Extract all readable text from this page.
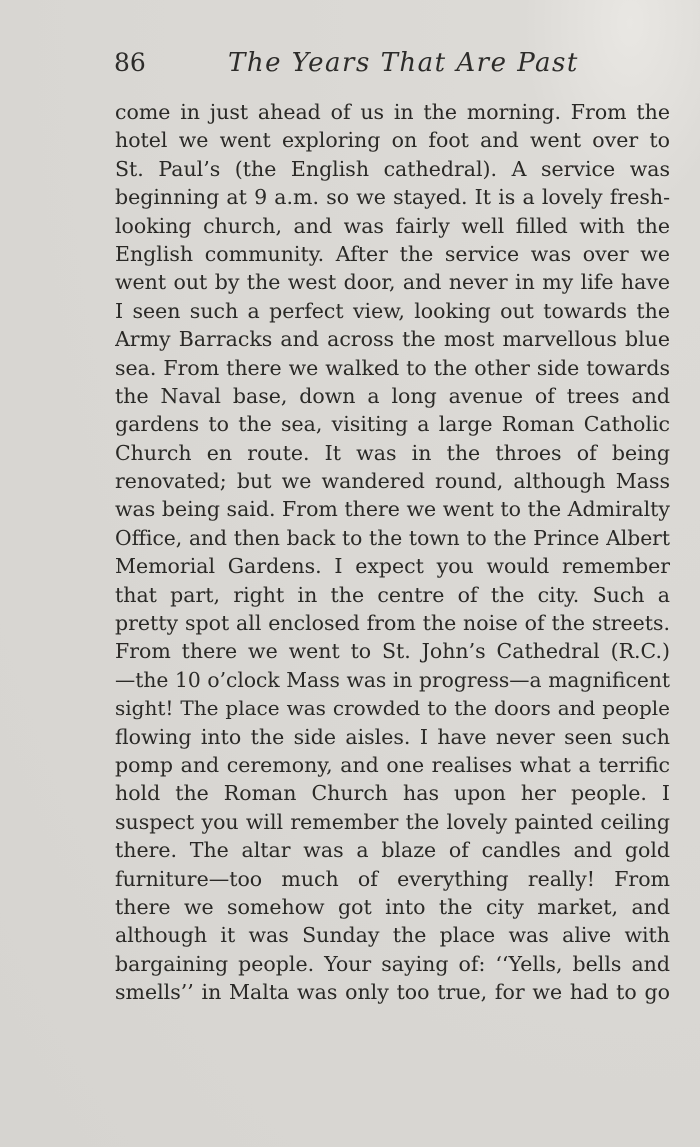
86	The Years That Are Past
come in just ahead of us in the morning. From the
hotel we went exploring on foot and went over to
St. Paul’s (the English cathedral). A service was
beginning at 9 a.m. so we stayed. It is a lovely fresh-
looking church, and was fairly well filled with the
English community. After the service was over we
went out by the west door, and never in my life have
I seen such a perfect view, looking out towards the
Army Barracks and across the most marvellous blue
sea. From there we walked to the other side towards
the Naval base, down a long avenue of trees and
gardens to the sea, visiting a large Roman Catholic
Church en route. It was in the throes of being
renovated; but we wandered round, although Mass
was being said. From there we went to the Admiralty
Office, and then back to the town to the Prince Albert
Memorial Gardens. I expect you would remember
that part, right in the centre of the city. Such a
pretty spot all enclosed from the noise of the streets.
From there we went to St. John’s Cathedral (R.C.)
—the 10 o’clock Mass was in progress—a magnificent
sight! The place was crowded to the doors and people
flowing into the side aisles. I have never seen such
pomp and ceremony, and one realises what a terrific
hold the Roman Church has upon her people. I
suspect you will remember the lovely painted ceiling
there. The altar was a blaze of candles and gold
furniture—too much of everything really! From
there we somehow got into the city market, and
although it was Sunday the place was alive with
bargaining people. Your saying of: ‘‘Yells, bells and
smells’’ in Malta was only too true, for we had to go
